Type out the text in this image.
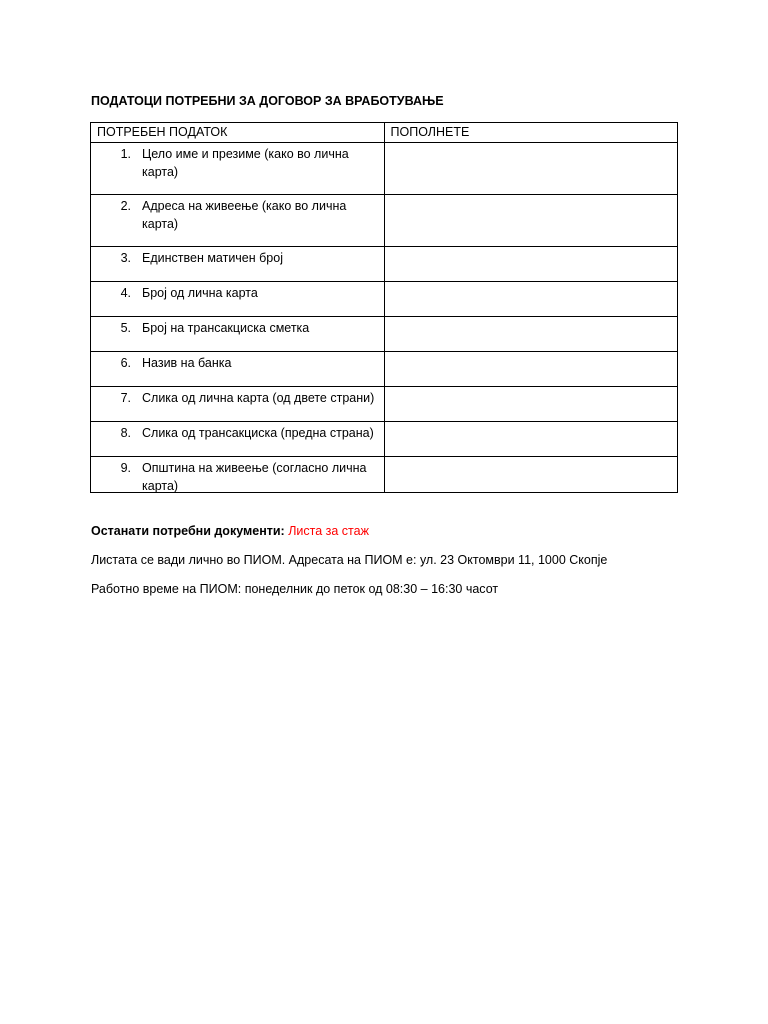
ПОДАТОЦИ ПОТРЕБНИ ЗА ДОГОВОР ЗА ВРАБОТУВАЊЕ
ПОТРЕБЕН ПОДАТОК	ПОПОЛНЕТЕ

1. Цело име и презиме (како во лична карта)	

2. Адреса на живеење (како во лична карта)	

3. Единствен матичен број	

4. Број од лична карта	

5. Број на трансакциска сметка	

6. Назив на банка	

7. Слика од лична карта (од двете страни)	

8. Слика од трансакциска (предна страна)	

9. Општина на живеење (согласно лична карта)	

Останати потребни документи: Листа за стаж
Листата се вади лично во ПИОМ. Адресата на ПИОМ е: ул. 23 Октомври 11, 1000 Скопје
Работно време на ПИОМ: понеделник до петок од 08:30 – 16:30 часот
